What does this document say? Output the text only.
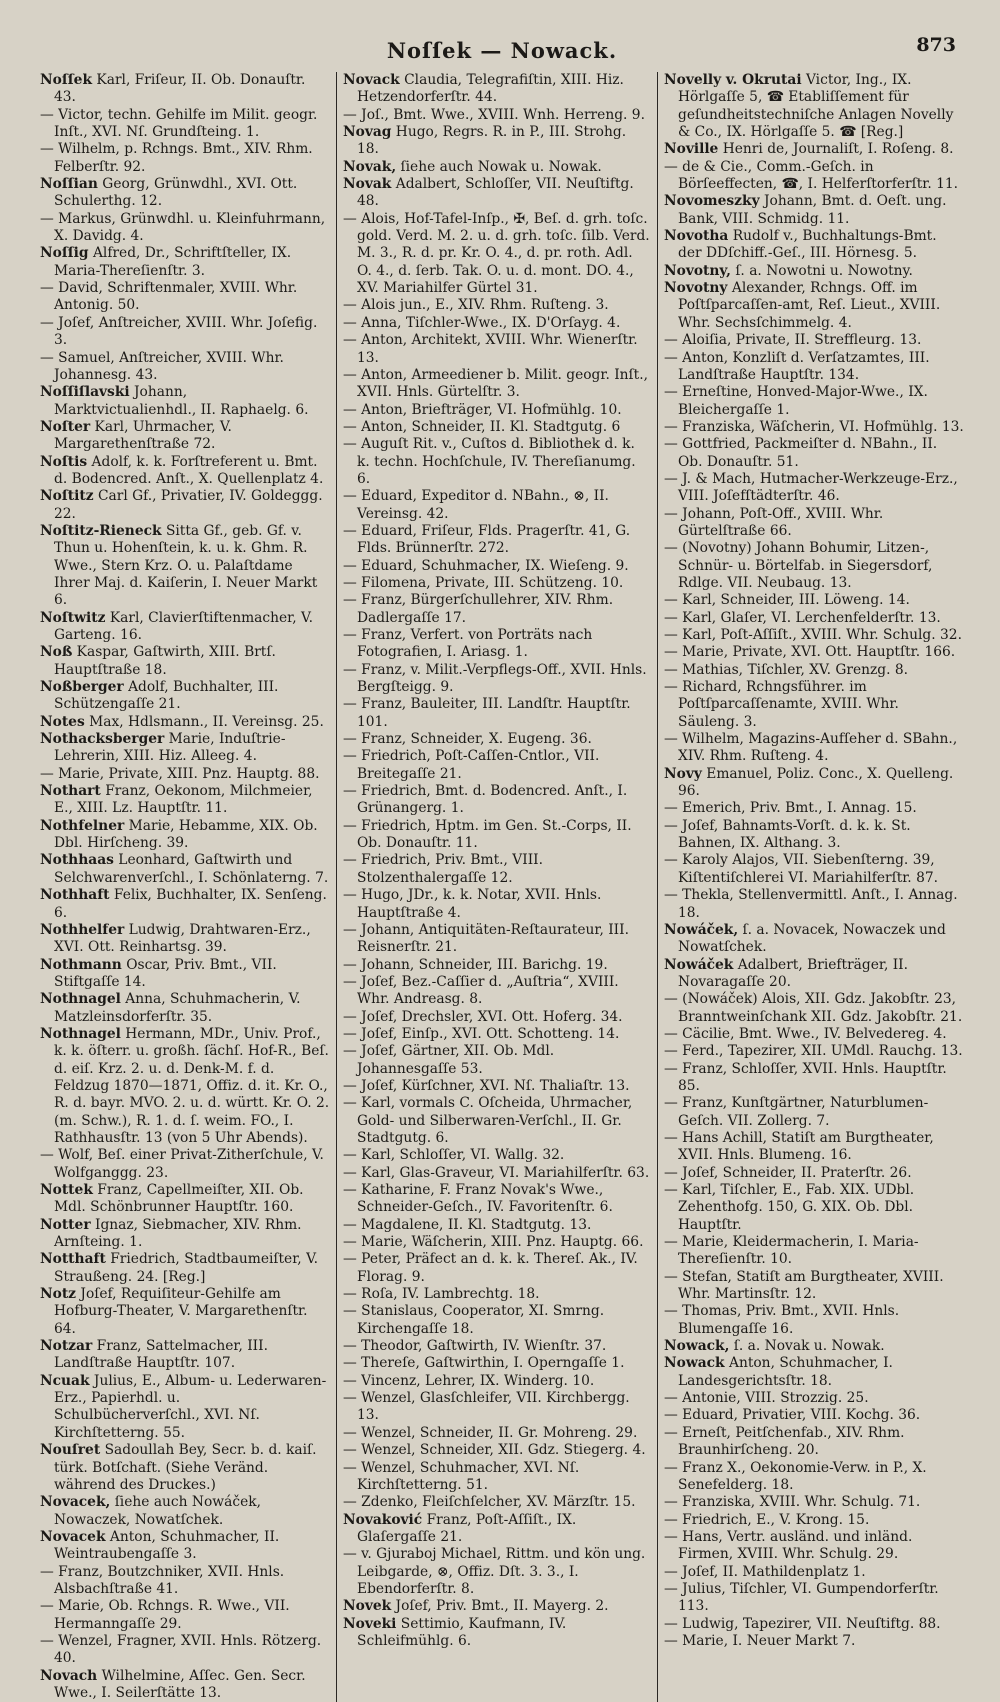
Noſſek — Nowack.	873

Noſſek Karl, Friſeur, II. Ob. Donauſtr. 43.

— Victor, techn. Gehilfe im Milit. geogr. Inſt., XVI. Nſ. Grundſteing. 1.

— Wilhelm, p. Rchngs. Bmt., XIV. Rhm. Felberſtr. 92.

Noſſian Georg, Grünwdhl., XVI. Ott. Schulerthg. 12.

— Markus, Grünwdhl. u. Kleinfuhrmann, X. Davidg. 4.

Noſſig Alfred, Dr., Schriftſteller, IX. Maria-Thereſienſtr. 3.

— David, Schriftenmaler, XVIII. Whr. Antonig. 50.

— Joſef, Anſtreicher, XVIII. Whr. Joſefig. 3.

— Samuel, Anſtreicher, XVIII. Whr. Johannesg. 43.

Noſſiſlavski Johann, Marktvictualienhdl., II. Raphaelg. 6.

Noſter Karl, Uhrmacher, V. Margarethenſtraße 72.

Noſtis Adolf, k. k. Forſtreferent u. Bmt. d. Bodencred. Anſt., X. Quellenplatz 4.

Noſtitz Carl Gf., Privatier, IV. Goldeggg. 22.

Noſtitz-Rieneck Sitta Gf., geb. Gf. v. Thun u. Hohenſtein, k. u. k. Ghm. R. Wwe., Stern Krz. O. u. Palaſtdame Ihrer Maj. d. Kaiſerin, I. Neuer Markt 6.

Noſtwitz Karl, Clavierſtiftenmacher, V. Garteng. 16.

Noß Kaspar, Gaſtwirth, XIII. Brtſ. Hauptſtraße 18.

Noßberger Adolf, Buchhalter, III. Schützengaſſe 21.

Notes Max, Hdlsmann., II. Vereinsg. 25.

Nothacksberger Marie, Induſtrie-Lehrerin, XIII. Hiz. Alleeg. 4.

— Marie, Private, XIII. Pnz. Hauptg. 88.

Nothart Franz, Oekonom, Milchmeier, E., XIII. Lz. Hauptſtr. 11.

Nothfelner Marie, Hebamme, XIX. Ob. Dbl. Hirſcheng. 39.

Nothhaas Leonhard, Gaſtwirth und Selchwarenverſchl., I. Schönlaterng. 7.

Nothhaft Felix, Buchhalter, IX. Senſeng. 6.

Nothhelfer Ludwig, Drahtwaren-Erz., XVI. Ott. Reinhartsg. 39.

Nothmann Oscar, Priv. Bmt., VII. Stiftgaſſe 14.

Nothnagel Anna, Schuhmacherin, V. Matzleinsdorferſtr. 35.

Nothnagel Hermann, MDr., Univ. Prof., k. k. öſterr. u. großh. ſächſ. Hof-R., Beſ. d. eiſ. Krz. 2. u. d. Denk-M. f. d. Feldzug 1870—1871, Offiz. d. it. Kr. O., R. d. bayr. MVO. 2. u. d. württ. Kr. O. 2. (m. Schw.), R. 1. d. ſ. weim. FO., I. Rathhausſtr. 13 (von 5 Uhr Abends).

— Wolf, Beſ. einer Privat-Zitherſchule, V. Wolfganggg. 23.

Nottek Franz, Capellmeiſter, XII. Ob. Mdl. Schönbrunner Hauptſtr. 160.

Notter Ignaz, Siebmacher, XIV. Rhm. Arnſteing. 1.

Notthaft Friedrich, Stadtbaumeiſter, V. Straußeng. 24. [Reg.]

Notz Joſef, Requiſiteur-Gehilfe am Hofburg-Theater, V. Margarethenſtr. 64.

Notzar Franz, Sattelmacher, III. Landſtraße Hauptſtr. 107.

Ncuak Julius, E., Album- u. Lederwaren-Erz., Papierhdl. u. Schulbücherverſchl., XVI. Nſ. Kirchſtetterng. 55.

Nouſret Sadoullah Bey, Secr. b. d. kaiſ. türk. Botſchaft. (Siehe Veränd. während des Druckes.)

Novacek, ſiehe auch Nowáček, Nowaczek, Nowatſchek.

Novacek Anton, Schuhmacher, II. Weintraubengaſſe 3.

— Franz, Boutzchniker, XVII. Hnls. Alsbachſtraße 41.

— Marie, Ob. Rchngs. R. Wwe., VII. Hermanngaſſe 29.

— Wenzel, Fragner, XVII. Hnls. Rötzerg. 40.

Novach Wilhelmine, Aſſec. Gen. Secr. Wwe., I. Seilerſtätte 13.

Novack Claudia, Telegrafiſtin, XIII. Hiz. Hetzendorferſtr. 44.

— Joſ., Bmt. Wwe., XVIII. Wnh. Herreng. 9.

Novag Hugo, Regrs. R. in P., III. Strohg. 18.

Novak, ſiehe auch Nowak u. Nowak.

Novak Adalbert, Schloſſer, VII. Neuſtiftg. 48.

— Alois, Hof-Tafel-Inſp., ✠, Beſ. d. grh. toſc. gold. Verd. M. 2. u. d. grh. toſc. ſilb. Verd. M. 3., R. d. pr. Kr. O. 4., d. pr. roth. Adl. O. 4., d. ſerb. Tak. O. u. d. mont. DO. 4., XV. Mariahilfer Gürtel 31.

— Alois jun., E., XIV. Rhm. Ruſteng. 3.

— Anna, Tiſchler-Wwe., IX. D'Orſayg. 4.

— Anton, Architekt, XVIII. Whr. Wienerſtr. 13.

— Anton, Armeediener b. Milit. geogr. Inſt., XVII. Hnls. Gürtelſtr. 3.

— Anton, Briefträger, VI. Hofmühlg. 10.

— Anton, Schneider, II. Kl. Stadtgutg. 6

— Auguſt Rit. v., Cuſtos d. Bibliothek d. k. k. techn. Hochſchule, IV. Thereſianumg. 6.

— Eduard, Expeditor d. NBahn., ⊗, II. Vereinsg. 42.

— Eduard, Friſeur, Flds. Pragerſtr. 41, G. Flds. Brünnerſtr. 272.

— Eduard, Schuhmacher, IX. Wieſeng. 9.

— Filomena, Private, III. Schützeng. 10.

— Franz, Bürgerſchullehrer, XIV. Rhm. Dadlergaſſe 17.

— Franz, Verfert. von Porträts nach Fotografien, I. Ariasg. 1.

— Franz, v. Milit.-Verpflegs-Off., XVII. Hnls. Bergſteigg. 9.

— Franz, Bauleiter, III. Landſtr. Hauptſtr. 101.

— Franz, Schneider, X. Eugeng. 36.

— Friedrich, Poſt-Caſſen-Cntlor., VII. Breitegaſſe 21.

— Friedrich, Bmt. d. Bodencred. Anſt., I. Grünangerg. 1.

— Friedrich, Hptm. im Gen. St.-Corps, II. Ob. Donauſtr. 11.

— Friedrich, Priv. Bmt., VIII. Stolzenthalergaſſe 12.

— Hugo, JDr., k. k. Notar, XVII. Hnls. Hauptſtraße 4.

— Johann, Antiquitäten-Reſtaurateur, III. Reisnerſtr. 21.

— Johann, Schneider, III. Barichg. 19.

— Joſef, Bez.-Caſſier d. „Auſtria“, XVIII. Whr. Andreasg. 8.

— Joſef, Drechsler, XVI. Ott. Hoferg. 34.

— Joſef, Einſp., XVI. Ott. Schotteng. 14.

— Joſef, Gärtner, XII. Ob. Mdl. Johannesgaſſe 53.

— Joſef, Kürſchner, XVI. Nſ. Thaliaſtr. 13.

— Karl, vormals C. Oſcheida, Uhrmacher, Gold- und Silberwaren-Verſchl., II. Gr. Stadtgutg. 6.

— Karl, Schloſſer, VI. Wallg. 32.

— Karl, Glas-Graveur, VI. Mariahilferſtr. 63.

— Katharine, F. Franz Novak's Wwe., Schneider-Geſch., IV. Favoritenſtr. 6.

— Magdalene, II. Kl. Stadtgutg. 13.

— Marie, Wäſcherin, XIII. Pnz. Hauptg. 66.

— Peter, Präfect an d. k. k. Thereſ. Ak., IV. Florag. 9.

— Roſa, IV. Lambrechtg. 18.

— Stanislaus, Cooperator, XI. Smrng. Kirchengaſſe 18.

— Theodor, Gaſtwirth, IV. Wienſtr. 37.

— Thereſe, Gaſtwirthin, I. Operngaſſe 1.

— Vincenz, Lehrer, IX. Winderg. 10.

— Wenzel, Glasſchleifer, VII. Kirchbergg. 13.

— Wenzel, Schneider, II. Gr. Mohreng. 29.

— Wenzel, Schneider, XII. Gdz. Stiegerg. 4.

— Wenzel, Schuhmacher, XVI. Nſ. Kirchſtetterng. 51.

— Zdenko, Fleiſchſelcher, XV. Märzſtr. 15.

Novaković Franz, Poſt-Aſſiſt., IX. Glaſergaſſe 21.

— v. Gjuraboj Michael, Rittm. und kön ung. Leibgarde, ⊗, Offiz. Dſt. 3. 3., I. Ebendorferſtr. 8.

Novek Joſef, Priv. Bmt., II. Mayerg. 2.

Noveki Settimio, Kaufmann, IV. Schleifmühlg. 6.

Novelly v. Okrutai Victor, Ing., IX. Hörlgaſſe 5, ☎ Etabliſſement für geſundheitstechniſche Anlagen Novelly & Co., IX. Hörlgaſſe 5. ☎ [Reg.]

Noville Henri de, Journaliſt, I. Roſeng. 8.

— de & Cie., Comm.-Geſch. in Börſeeffecten, ☎, I. Helferſtorferſtr. 11.

Novomeszky Johann, Bmt. d. Oeſt. ung. Bank, VIII. Schmidg. 11.

Novotha Rudolf v., Buchhaltungs-Bmt. der DDſchiff.-Geſ., III. Hörnesg. 5.

Novotny, ſ. a. Nowotni u. Nowotny.

Novotny Alexander, Rchngs. Off. im Poſtſparcaſſen-amt, Reſ. Lieut., XVIII. Whr. Sechsſchimmelg. 4.

— Aloiſia, Private, II. Streffleurg. 13.

— Anton, Konzliſt d. Verſatzamtes, III. Landſtraße Hauptſtr. 134.

— Erneſtine, Honved-Major-Wwe., IX. Bleichergaſſe 1.

— Franziska, Wäſcherin, VI. Hofmühlg. 13.

— Gottfried, Packmeiſter d. NBahn., II. Ob. Donauſtr. 51.

— J. & Mach, Hutmacher-Werkzeuge-Erz., VIII. Joſefſtädterſtr. 46.

— Johann, Poſt-Off., XVIII. Whr. Gürtelſtraße 66.

— (Novotny) Johann Bohumir, Litzen-, Schnür- u. Börtelfab. in Siegersdorf, Rdlge. VII. Neubaug. 13.

— Karl, Schneider, III. Löweng. 14.

— Karl, Glaſer, VI. Lerchenfelderſtr. 13.

— Karl, Poſt-Aſſiſt., XVIII. Whr. Schulg. 32.

— Marie, Private, XVI. Ott. Hauptſtr. 166.

— Mathias, Tiſchler, XV. Grenzg. 8.

— Richard, Rchngsführer. im Poſtſparcaſſenamte, XVIII. Whr. Säuleng. 3.

— Wilhelm, Magazins-Aufſeher d. SBahn., XIV. Rhm. Ruſteng. 4.

Novy Emanuel, Poliz. Conc., X. Quelleng. 96.

— Emerich, Priv. Bmt., I. Annag. 15.

— Joſef, Bahnamts-Vorſt. d. k. k. St. Bahnen, IX. Althang. 3.

— Karoly Alajos, VII. Siebenſterng. 39, Kiſtentiſchlerei VI. Mariahilferſtr. 87.

— Thekla, Stellenvermittl. Anſt., I. Annag. 18.

Nowáček, ſ. a. Novacek, Nowaczek und Nowatſchek.

Nowáček Adalbert, Briefträger, II. Novaragaſſe 20.

— (Nowáček) Alois, XII. Gdz. Jakobſtr. 23, Branntweinſchank XII. Gdz. Jakobſtr. 21.

— Cäcilie, Bmt. Wwe., IV. Belvedereg. 4.

— Ferd., Tapezirer, XII. UMdl. Rauchg. 13.

— Franz, Schloſſer, XVII. Hnls. Hauptſtr. 85.

— Franz, Kunſtgärtner, Naturblumen-Geſch. VII. Zollerg. 7.

— Hans Achill, Statiſt am Burgtheater, XVII. Hnls. Blumeng. 16.

— Joſef, Schneider, II. Praterſtr. 26.

— Karl, Tiſchler, E., Fab. XIX. UDbl. Zehenthofg. 150, G. XIX. Ob. Dbl. Hauptſtr.

— Marie, Kleidermacherin, I. Maria-Thereſienſtr. 10.

— Stefan, Statiſt am Burgtheater, XVIII. Whr. Martinsſtr. 12.

— Thomas, Priv. Bmt., XVII. Hnls. Blumengaſſe 16.

Nowack, ſ. a. Novak u. Nowak.

Nowack Anton, Schuhmacher, I. Landesgerichtsſtr. 18.

— Antonie, VIII. Strozzig. 25.

— Eduard, Privatier, VIII. Kochg. 36.

— Erneſt, Peitſchenfab., XIV. Rhm. Braunhirſcheng. 20.

— Franz X., Oekonomie-Verw. in P., X. Senefelderg. 18.

— Franziska, XVIII. Whr. Schulg. 71.

— Friedrich, E., V. Krong. 15.

— Hans, Vertr. ausländ. und inländ. Firmen, XVIII. Whr. Schulg. 29.

— Joſef, II. Mathildenplatz 1.

— Julius, Tiſchler, VI. Gumpendorferſtr. 113.

— Ludwig, Tapezirer, VII. Neuſtiftg. 88.

— Marie, I. Neuer Markt 7.
